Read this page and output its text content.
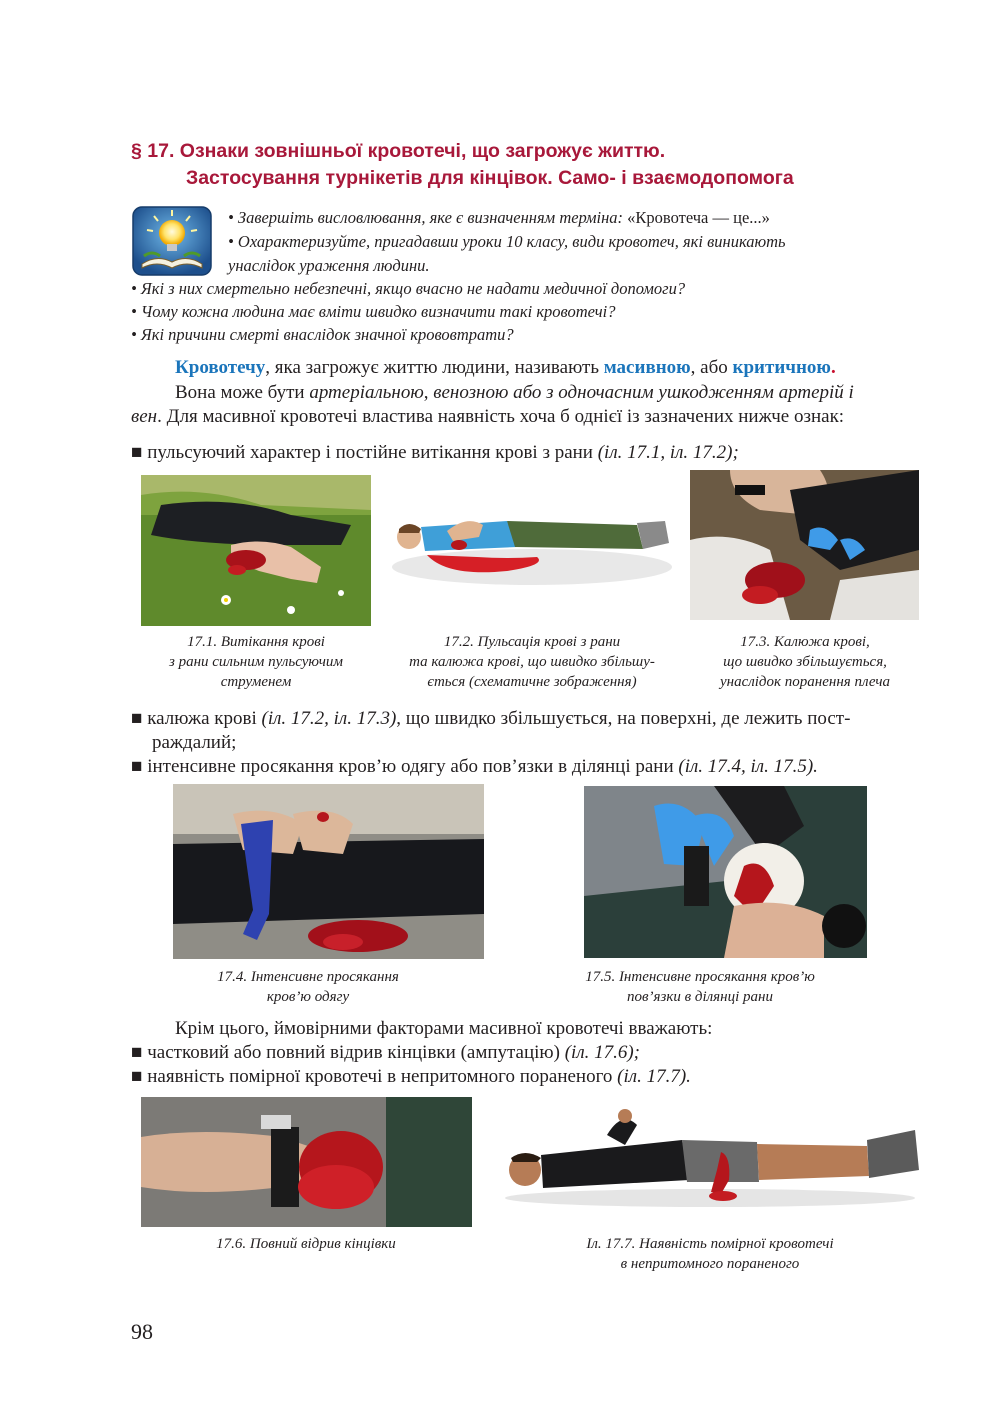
§ 17. Ознаки зовнішньої кровотечі, що загрожує життю.
Застосування турнікетів для кінцівок. Само- і взаємодопомога
• Завершіть висловлювання, яке є визначенням терміна: «Кровотеча — це...»
• Охарактеризуйте, пригадавши уроки 10 класу, види кровотеч, які виникають
унаслідок ураження людини.
• Які з них смертельно небезпечні, якщо вчасно не надати медичної допомоги?
• Чому кожна людина має вміти швидко визначити такі кровотечі?
• Які причини смерті внаслідок значної крововтрати?
Кровотечу, яка загрожує життю людини, називають масивною, або критичною.
Вона може бути артеріальною, венозною або з одночасним ушкодженням артерій і
вен. Для масивної кровотечі властива наявність хоча б однієї із зазначених нижче ознак:
■ пульсуючий характер і постійне витікання крові з рани (іл. 17.1, іл. 17.2);
17.1. Витікання крові
з рани сильним пульсуючим
струменем
17.2. Пульсація крові з рани
та калюжа крові, що швидко збільшу-
ється (схематичне зображення)
17.3. Калюжа крові,
що швидко збільшується,
унаслідок поранення плеча
■ калюжа крові (іл. 17.2, іл. 17.3), що швидко збільшується, на поверхні, де лежить пост-
раждалий;
■ інтенсивне просякання кров’ю одягу або пов’язки в ділянці рани (іл. 17.4, іл. 17.5).
17.4. Інтенсивне просякання
кров’ю одягу
17.5. Інтенсивне просякання кров’ю
пов’язки в ділянці рани
Крім цього, ймовірними факторами масивної кровотечі вважають:
■ частковий або повний відрив кінцівки (ампутацію) (іл. 17.6);
■ наявність помірної кровотечі в непритомного пораненого (іл. 17.7).
17.6. Повний відрив кінцівки	Іл. 17.7. Наявність помірної кровотечі
в непритомного пораненого
98
